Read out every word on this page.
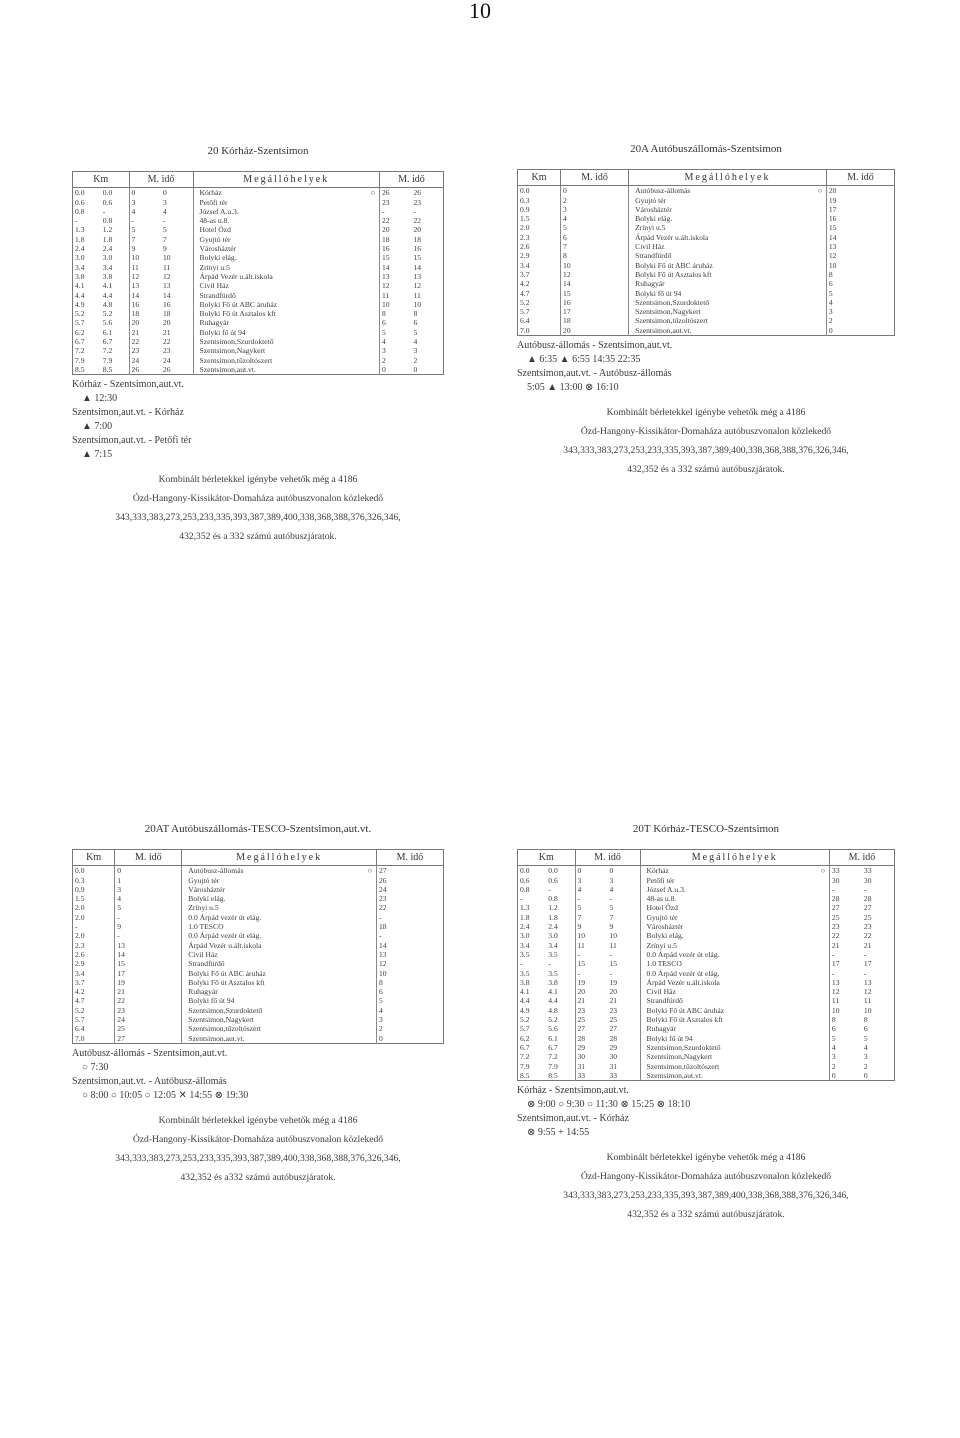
10
20 Kórház-Szentsimon
Km		M. idő		Megállóhelyek		M. idő	
0.0	0.0	0	0	Kórház	○	26	26
0.6	0.6	3	3	Petőfi tér		23	23
0.8	-	4	4	József A.u.3.		-	-
-	0.8	-	-	48-as u.8.		22	22
1.3	1.2	5	5	Hotel Ózd		20	20
1.8	1.8	7	7	Gyujtó tér		18	18
2.4	2.4	9	9	Városháztér		16	16
3.0	3.0	10	10	Bolyki elág.		15	15
3.4	3.4	11	11	Zrínyi u.5		14	14
3.8	3.8	12	12	Árpád Vezér u.ált.iskola		13	13
4.1	4.1	13	13	Civil Ház		12	12
4.4	4.4	14	14	Strandfürdő		11	11
4.9	4.8	16	16	Bolyki Fő út ABC áruház		10	10
5.2	5.2	18	18	Bolyki Fő út Asztalos kft		8	8
5.7	5.6	20	20	Ruhagyár		6	6
6.2	6.1	21	21	Bolyki fő út 94		5	5
6.7	6.7	22	22	Szentsimon,Szurdoktető		4	4
7.2	7.2	23	23	Szentsimon,Nagykert		3	3
7.9	7.9	24	24	Szentsimon,tűzoltószert		2	2
8.5	8.5	26	26	Szentsimon,aut.vt.		0	0
Kórház - Szentsimon,aut.vt.
▲ 12:30
Szentsimon,aut.vt. - Kórház
▲ 7:00
Szentsimon,aut.vt. - Petőfi tér
▲ 7:15
Kombinált bérletekkel igénybe vehetők még a 4186
Ózd-Hangony-Kissikátor-Domaháza autóbuszvonalon közlekedő
343,333,383,273,253,233,335,393,387,389,400,338,368,388,376,326,346,
432,352 és a 332 számú autóbuszjáratok.
20A Autóbuszállomás-Szentsimon
Km	M. idő	Megállóhelyek		M. idő
0.0	0	Autóbusz-állomás	○	20
0.3	2	Gyujtó tér		19
0.9	3	Városháztér		17
1.5	4	Bolyki elág.		16
2.0	5	Zrínyi u.5		15
2.3	6	Árpád Vezér u.ált.iskola		14
2.6	7	Civil Ház		13
2.9	8	Strandfürdő		12
3.4	10	Bolyki Fő út ABC áruház		10
3.7	12	Bolyki Fő út Asztalos kft		8
4.2	14	Ruhagyár		6
4.7	15	Bolyki fő út 94		5
5.2	16	Szentsimon,Szurdoktető		4
5.7	17	Szentsimon,Nagykert		3
6.4	18	Szentsimon,tűzoltószert		2
7.0	20	Szentsimon,aut.vt.		0
Autóbusz-állomás - Szentsimon,aut.vt.
▲ 6:35 ▲ 6:55 14:35 22:35
Szentsimon,aut.vt. - Autóbusz-állomás
5:05 ▲ 13:00 ⊗ 16:10
Kombinált bérletekkel igénybe vehetők még a 4186
Ózd-Hangony-Kissikátor-Domaháza autóbuszvonalon közlekedő
343,333,383,273,253,233,335,393,387,389,400,338,368,388,376,326,346,
432,352 és a 332 számú autóbuszjáratok.
20AT Autóbuszállomás-TESCO-Szentsimon,aut.vt.
Km	M. idő	Megállóhelyek		M. idő
0.0	0	Autóbusz-állomás	○	27
0.3	1	Gyujtó tér		26
0.9	3	Városháztér		24
1.5	4	Bolyki elág.		23
2.0	5	Zrínyi u.5		22
2.0	-	0.0 Árpád vezér út elág.		-
-	9	1.0 TESCO		18
2.0	-	0.0 Árpád vezér út elág.		-
2.3	13	Árpád Vezér u.ált.iskola		14
2.6	14	Civil Ház		13
2.9	15	Strandfürdő		12
3.4	17	Bolyki Fő út ABC áruház		10
3.7	19	Bolyki Fő út Asztalos kft		8
4.2	21	Ruhagyár		6
4.7	22	Bolyki fő út 94		5
5.2	23	Szentsimon,Szurdoktető		4
5.7	24	Szentsimon,Nagykert		3
6.4	25	Szentsimon,tűzoltószert		2
7.0	27	Szentsimon,aut.vt.		0
Autóbusz-állomás - Szentsimon,aut.vt.
○ 7:30
Szentsimon,aut.vt. - Autóbusz-állomás
○ 8:00 ○ 10:05 ○ 12:05 ✕ 14:55 ⊗ 19:30
Kombinált bérletekkel igénybe vehetők még a 4186
Ózd-Hangony-Kissikátor-Domaháza autóbuszvonalon közlekedő
343,333,383,273,253,233,335,393,387,389,400,338,368,388,376,326,346,
432,352 és a332 számú autóbuszjáratok.
20T Kórház-TESCO-Szentsimon
Km		M. idő		Megállóhelyek		M. idő	
0.0	0.0	0	0	Kórház	○	33	33
0.6	0.6	3	3	Petőfi tér		30	30
0.8	-	4	4	József A.u.3.		-	-
-	0.8	-	-	48-as u.8.		28	28
1.3	1.2	5	5	Hotel Ózd		27	27
1.8	1.8	7	7	Gyujtó tér		25	25
2.4	2.4	9	9	Városháztér		23	23
3.0	3.0	10	10	Bolyki elág.		22	22
3.4	3.4	11	11	Zrínyi u.5		21	21
3.5	3.5	-	-	0.0 Árpád vezér út elág.		-	-
-	-	15	15	1.0 TESCO		17	17
3.5	3.5	-	-	0.0 Árpád vezér út elág.		-	-
3.8	3.8	19	19	Árpád Vezér u.ált.iskola		13	13
4.1	4.1	20	20	Civil Ház		12	12
4.4	4.4	21	21	Strandfürdő		11	11
4.9	4.8	23	23	Bolyki Fő út ABC áruház		10	10
5.2	5.2	25	25	Bolyki Fő út Asztalos kft		8	8
5.7	5.6	27	27	Ruhagyár		6	6
6.2	6.1	28	28	Bolyki fő út 94		5	5
6.7	6.7	29	29	Szentsimon,Szurdoktető		4	4
7.2	7.2	30	30	Szentsimon,Nagykert		3	3
7.9	7.9	31	31	Szentsimon,tűzoltószert		2	2
8.5	8.5	33	33	Szentsimon,aut.vt.		0	0
Kórház - Szentsimon,aut.vt.
⊗ 9:00 ○ 9:30 ○ 11:30 ⊗ 15:25 ⊗ 18:10
Szentsimon,aut.vt. - Kórház
⊗ 9:55 + 14:55
Kombinált bérletekkel igénybe vehetők még a 4186
Ózd-Hangony-Kissikátor-Domaháza autóbuszvonalon közlekedő
343,333,383,273,253,233,335,393,387,389,400,338,368,388,376,326,346,
432,352 és a 332 számú autóbuszjáratok.
